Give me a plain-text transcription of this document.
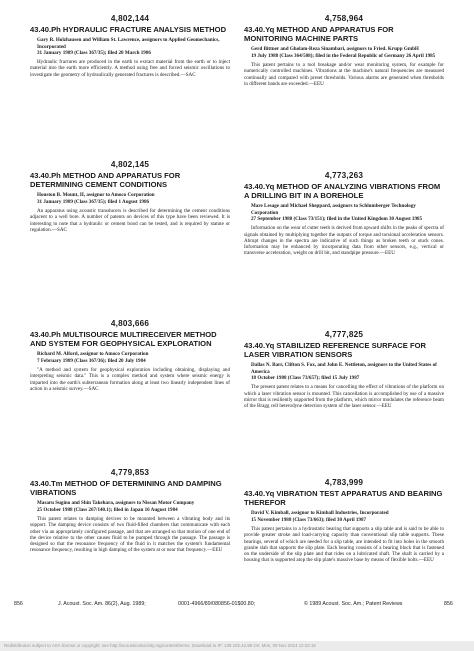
4,802,144
43.40.Ph HYDRAULIC FRACTURE ANALYSIS METHOD
Gary R. Holzhausen and William St. Lawrence, assignors to Applied Geomechanics, Incorporated
31 January 1989 (Class 367/35); filed 20 March 1986
Hydraulic fractures are produced in the earth to extract material from the earth or to inject material into the earth more efficiently. A method using free and forced seismic oscillations to investigate the geometry of hydraulically generated fractures is described.—SAC
4,802,145
43.40.Ph METHOD AND APPARATUS FOR DETERMINING CEMENT CONDITIONS
Houston B. Mount, II, assignor to Amoco Corporation
31 January 1989 (Class 367/35); filed 1 August 1986
An apparatus using acoustic transducers is described for determining the cement conditions adjacent to a well bore. A number of patents on devices of this type have been reviewed. It is interesting to note that a hydraulic or cement bond can be tested, and is required by statute or regulation.—SAC
4,803,666
43.40.Ph MULTISOURCE MULTIRECEIVER METHOD AND SYSTEM FOR GEOPHYSICAL EXPLORATION
Richard M. Alford, assignor to Amoco Corporation
7 February 1989 (Class 367/36); filed 20 July 1984
"A method and system for geophysical exploration including obtaining, displaying and interpreting seismic data." This is a complex method and system where seismic energy is imparted into the earth's subterranean formation along at least two linearly independent lines of action in a seismic survey.—SAC
4,779,853
43.40.Tm METHOD OF DETERMINING AND DAMPING VIBRATIONS
Masaru Sugino and Shin Takehara, assignors to Nissan Motor Company
25 October 1988 (Class 267/140.1); filed in Japan 16 August 1984
This patent relates to damping devices to be mounted between a vibrating body and its support. The damping device consists of two fluid-filled chambers that communicate with each other via an appropriately configured passage, and that are arranged so that motion of one end of the device relative to the other causes fluid to be pumped through the passage. The passage is designed so that the resonance frequency of the fluid in it matches the system's fundamental resonance frequency, resulting in high damping of the system at or near that frequency.—EEU
4,758,964
43.40.Yq METHOD AND APPARATUS FOR MONITORING MACHINE PARTS
Gerd Bittner and Gholam-Reza Sinambari, assignors to Fried. Krupp GmbH
19 July 1988 (Class 364/508); filed in the Federal Republic of Germany 26 April 1985
This patent pertains to a tool breakage and/or wear monitoring system, for example for numerically controlled machines. Vibrations at the machine's natural frequencies are measured continually and compared with preset thresholds. Various alarms are generated when thresholds in different bands are exceeded.—EEU
4,773,263
43.40.Yq METHOD OF ANALYZING VIBRATIONS FROM A DRILLING BIT IN A BOREHOLE
Mare Lesage and Michael Sheppard, assignors to Schlumberger Technology Corporation
27 September 1988 (Class 73/151); filed in the United Kingdom 30 August 1985
Information on the wear of cutter teeth is derived from upward shifts in the peaks of spectra of signals obtained by multiplying together the outputs of torque and torsional acceleration sensors. Abrupt changes in the spectra are indicative of such things as broken teeth or stuck cones. Information may be enhanced by incorporating data from other sensors, e.g., vertical or transverse acceleration, weight on drill bit, and standpipe pressure.—EEU
4,777,825
43.40.Yq STABILIZED REFERENCE SURFACE FOR LASER VIBRATION SENSORS
Dallas N. Barr, Clifton S. Fox, and John E. Nettleton, assignors to the United States of America
18 October 1988 (Class 73/657); filed 15 July 1987
The present patent relates to a means for cancelling the effect of vibrations of the platform on which a laser vibration sensor is mounted. This cancellation is accomplished by use of a massive mirror that is resiliently supported from the platform, which mirror modulates the reference beam of the Bragg cell heterodyne detection system of the laser sensor.—EEU
4,783,999
43.40.Yq VIBRATION TEST APPARATUS AND BEARING THEREFOR
David V. Kimball, assignor to Kimball Industries, Incorporated
15 November 1988 (Class 73/663); filed 30 April 1987
This patent pertains to a hydrostatic bearing that supports a slip table and is said to be able to provide greater stroke and load-carrying capacity than conventional slip table supports. These bearings, several of which are needed for a slip table, are intended to fit into holes in the smooth granite slab that supports the slip plate. Each bearing consists of a bearing block that is fastened on the underside of the slip plate and that rides on a lubricated shaft. The shaft is carried by a housing that is supported atop the slip plate's massive base by means of flexible bolts.—EEU
856	J. Acoust. Soc. Am. 86(2), Aug. 1989;	0001-4966/89/080856-01$00.80;	© 1989 Acoust. Soc. Am.; Patent Reviews	856
Redistribution subject to ASA license or copyright; see http://acousticalsociety.org/content/terms. Download to IP: 130.102.42.98 On: Mon, 08 Nov 2014 12:22:15
